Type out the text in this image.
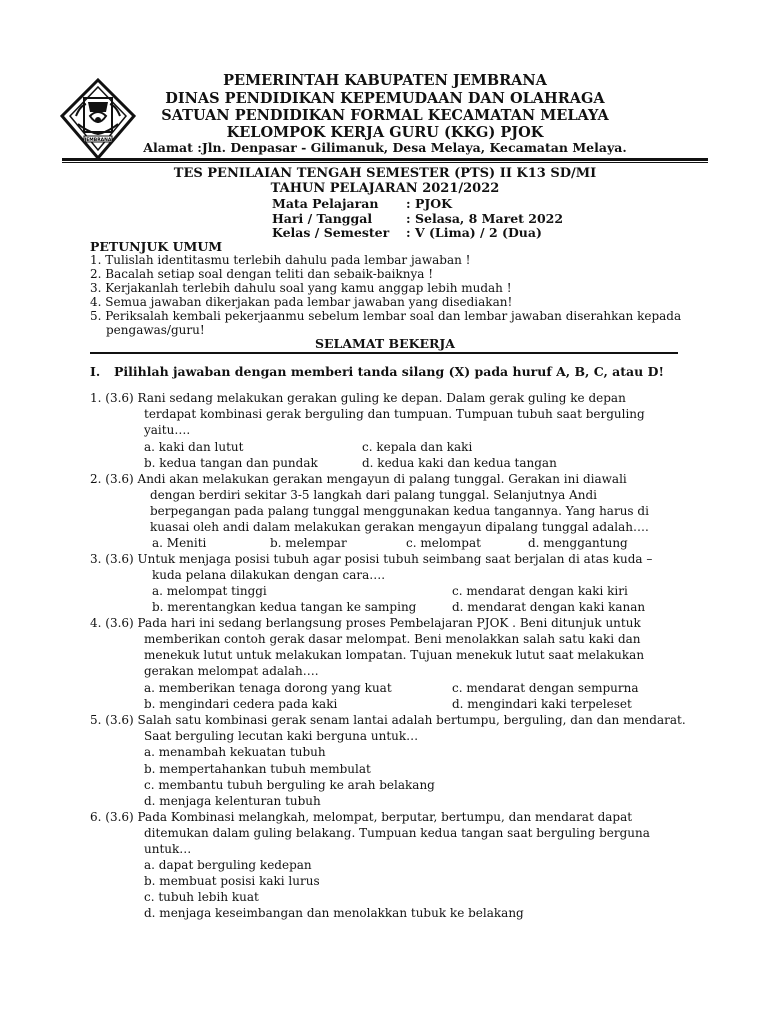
JEMBRANA
PEMERINTAH KABUPATEN JEMBRANA
DINAS PENDIDIKAN KEPEMUDAAN DAN OLAHRAGA
SATUAN PENDIDIKAN FORMAL KECAMATAN MELAYA
KELOMPOK KERJA GURU (KKG) PJOK
Alamat :Jln. Denpasar - Gilimanuk, Desa Melaya, Kecamatan Melaya.
TES PENILAIAN TENGAH SEMESTER (PTS) II K13 SD/MI
TAHUN PELAJARAN 2021/2022
Mata Pelajaran : PJOK
Hari / Tanggal	: Selasa, 8 Maret 2022
Kelas / Semester : V (Lima) / 2 (Dua)
PETUNJUK UMUM
1. Tulislah identitasmu terlebih dahulu pada lembar jawaban !
2. Bacalah setiap soal dengan teliti dan sebaik-baiknya !
3. Kerjakanlah terlebih dahulu soal yang kamu anggap lebih mudah !
4. Semua jawaban dikerjakan pada lembar jawaban yang disediakan!
5. Periksalah kembali pekerjaanmu sebelum lembar soal dan lembar jawaban diserahkan kepada
pengawas/guru!
SELAMAT BEKERJA
I. Pilihlah jawaban dengan memberi tanda silang (X) pada huruf A, B, C, atau D!
1. (3.6) Rani sedang melakukan gerakan guling ke depan. Dalam gerak guling ke depan
terdapat kombinasi gerak berguling dan tumpuan. Tumpuan tubuh saat berguling
yaitu….
a. kaki dan lutut	c. kepala dan kaki
b. kedua tangan dan pundak	d. kedua kaki dan kedua tangan
2. (3.6) Andi akan melakukan gerakan mengayun di palang tunggal. Gerakan ini diawali
dengan berdiri sekitar 3-5 langkah dari palang tunggal. Selanjutnya Andi
berpegangan pada palang tunggal menggunakan kedua tangannya. Yang harus di
kuasai oleh andi dalam melakukan gerakan mengayun dipalang tunggal adalah….
a. Meniti	b. melempar	c. melompat	d. menggantung
3. (3.6) Untuk menjaga posisi tubuh agar posisi tubuh seimbang saat berjalan di atas kuda –
kuda pelana dilakukan dengan cara….
a. melompat tinggi	c. mendarat dengan kaki kiri
b. merentangkan kedua tangan ke samping	d. mendarat dengan kaki kanan
4. (3.6) Pada hari ini sedang berlangsung proses Pembelajaran PJOK . Beni ditunjuk untuk
memberikan contoh gerak dasar melompat. Beni menolakkan salah satu kaki dan
menekuk lutut untuk melakukan lompatan. Tujuan menekuk lutut saat melakukan
gerakan melompat adalah….
a. memberikan tenaga dorong yang kuat	c. mendarat dengan sempurna
b. mengindari cedera pada kaki	d. mengindari kaki terpeleset
5. (3.6) Salah satu kombinasi gerak senam lantai adalah bertumpu, berguling, dan dan mendarat.
Saat berguling lecutan kaki berguna untuk…
a. menambah kekuatan tubuh
b. mempertahankan tubuh membulat
c. membantu tubuh berguling ke arah belakang
d. menjaga kelenturan tubuh
6. (3.6) Pada Kombinasi melangkah, melompat, berputar, bertumpu, dan mendarat dapat
ditemukan dalam guling belakang. Tumpuan kedua tangan saat berguling berguna
untuk…
a. dapat berguling kedepan
b. membuat posisi kaki lurus
c. tubuh lebih kuat
d. menjaga keseimbangan dan menolakkan tubuk ke belakang
